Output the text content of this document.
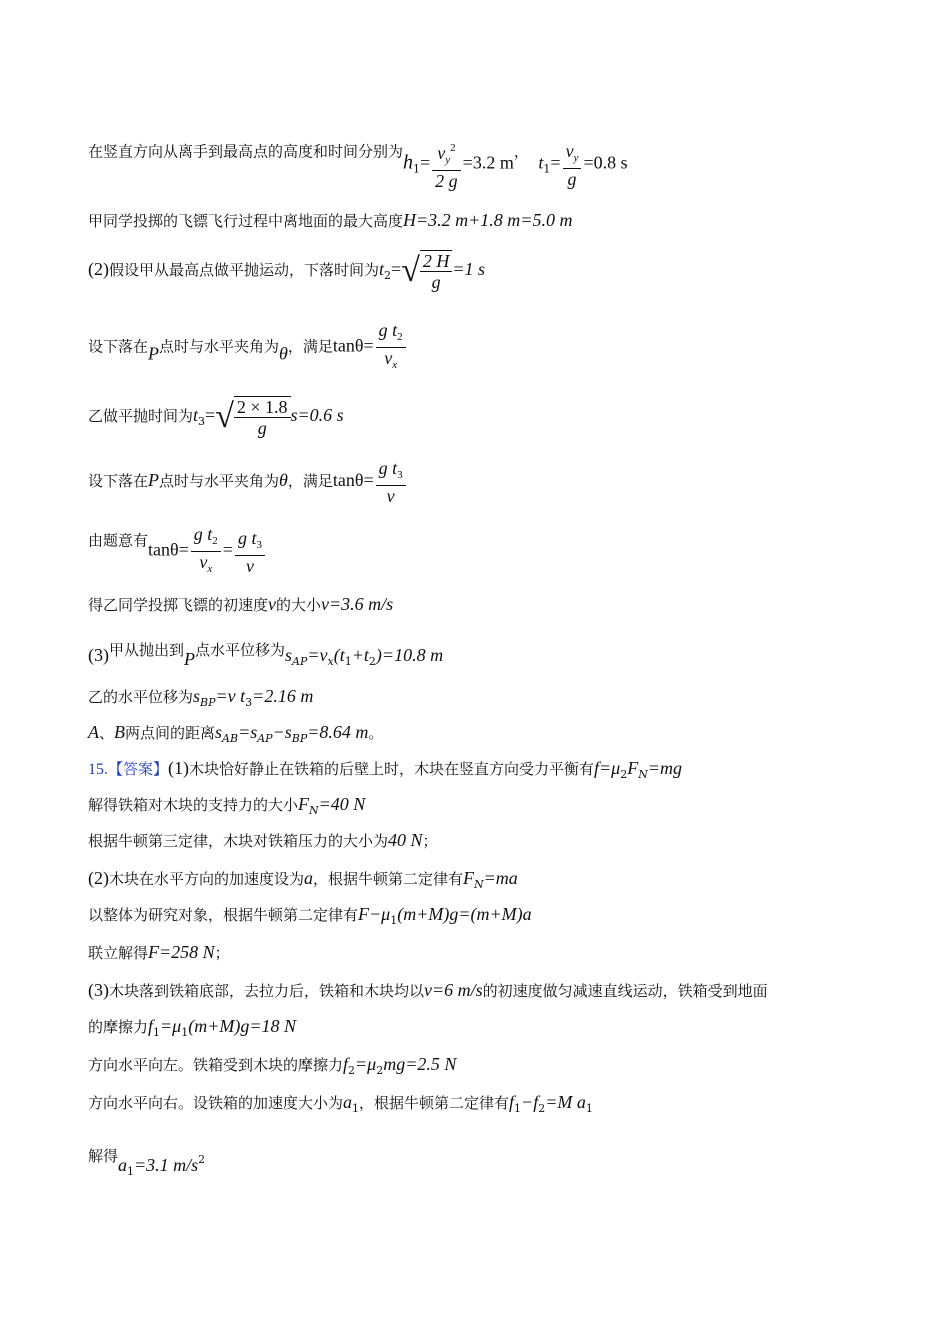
在竖直方向从离手到最高点的高度和时间分别为$h_1= \frac{v_y^2}{2 g} =3.2$ m，  $t_1= \frac{v_y}{g} =0.8$ s
甲同学投掷的飞镖飞行过程中离地面的最大高度H=3.2 m+1.8 m=5.0 m
(2)假设甲从最高点做平抛运动，下落时间为$t_2=√ \frac{2 H}{g} =1$ s
设下落在P点时与水平夹角为θ，满足$\tan\theta= \frac{g t_2}{v_x}$
乙做平抛时间为$t_3=√ \frac{2 \times 1.8}{g} s=0.6$ s
设下落在P点时与水平夹角为θ，满足$\tan\theta= \frac{g t_3}{v}$
由题意有$\tan\theta= \frac{g t_2}{v_x} = \frac{g t_3}{v}$
得乙同学投掷飞镖的初速度v的大小v=3.6 m/s
(3)甲从抛出到P点水平位移为$s_{AP}=v_x(t_1+t_2)=10.8$ m
乙的水平位移为$s_{BP}=v$ $t_3=2.16$ m
A、B两点间的距离$s_{AB}=s_{AP}-s_{BP}=8.64$ m。
15.【答案】(1)木块恰好静止在铁箱的后壁上时，木块在竖直方向受力平衡有$f=\mu_2F_N=mg$
解得铁箱对木块的支持力的大小$F_N=40$ N
根据牛顿第三定律，木块对铁箱压力的大小为40 N；
(2)木块在水平方向的加速度设为a，根据牛顿第二定律有$F_N=ma$
以整体为研究对象，根据牛顿第二定律有$F-\mu_1(m+M)g=(m+M)a$
联立解得F=258 N；
(3)木块落到铁箱底部，去拉力后，铁箱和木块均以v=6 m/s的初速度做匀减速直线运动，铁箱受到地面
的摩擦力$f_1=\mu_1(m+M)g=18$ N
方向水平向左。铁箱受到木块的摩擦力$f_2=\mu_2mg=2.5$ N
方向水平向右。设铁箱的加速度大小为$a_1$，根据牛顿第二定律有$f_1-f_2=M$ $a_1$
解得$a_1=3.1$ $m/s^2$
